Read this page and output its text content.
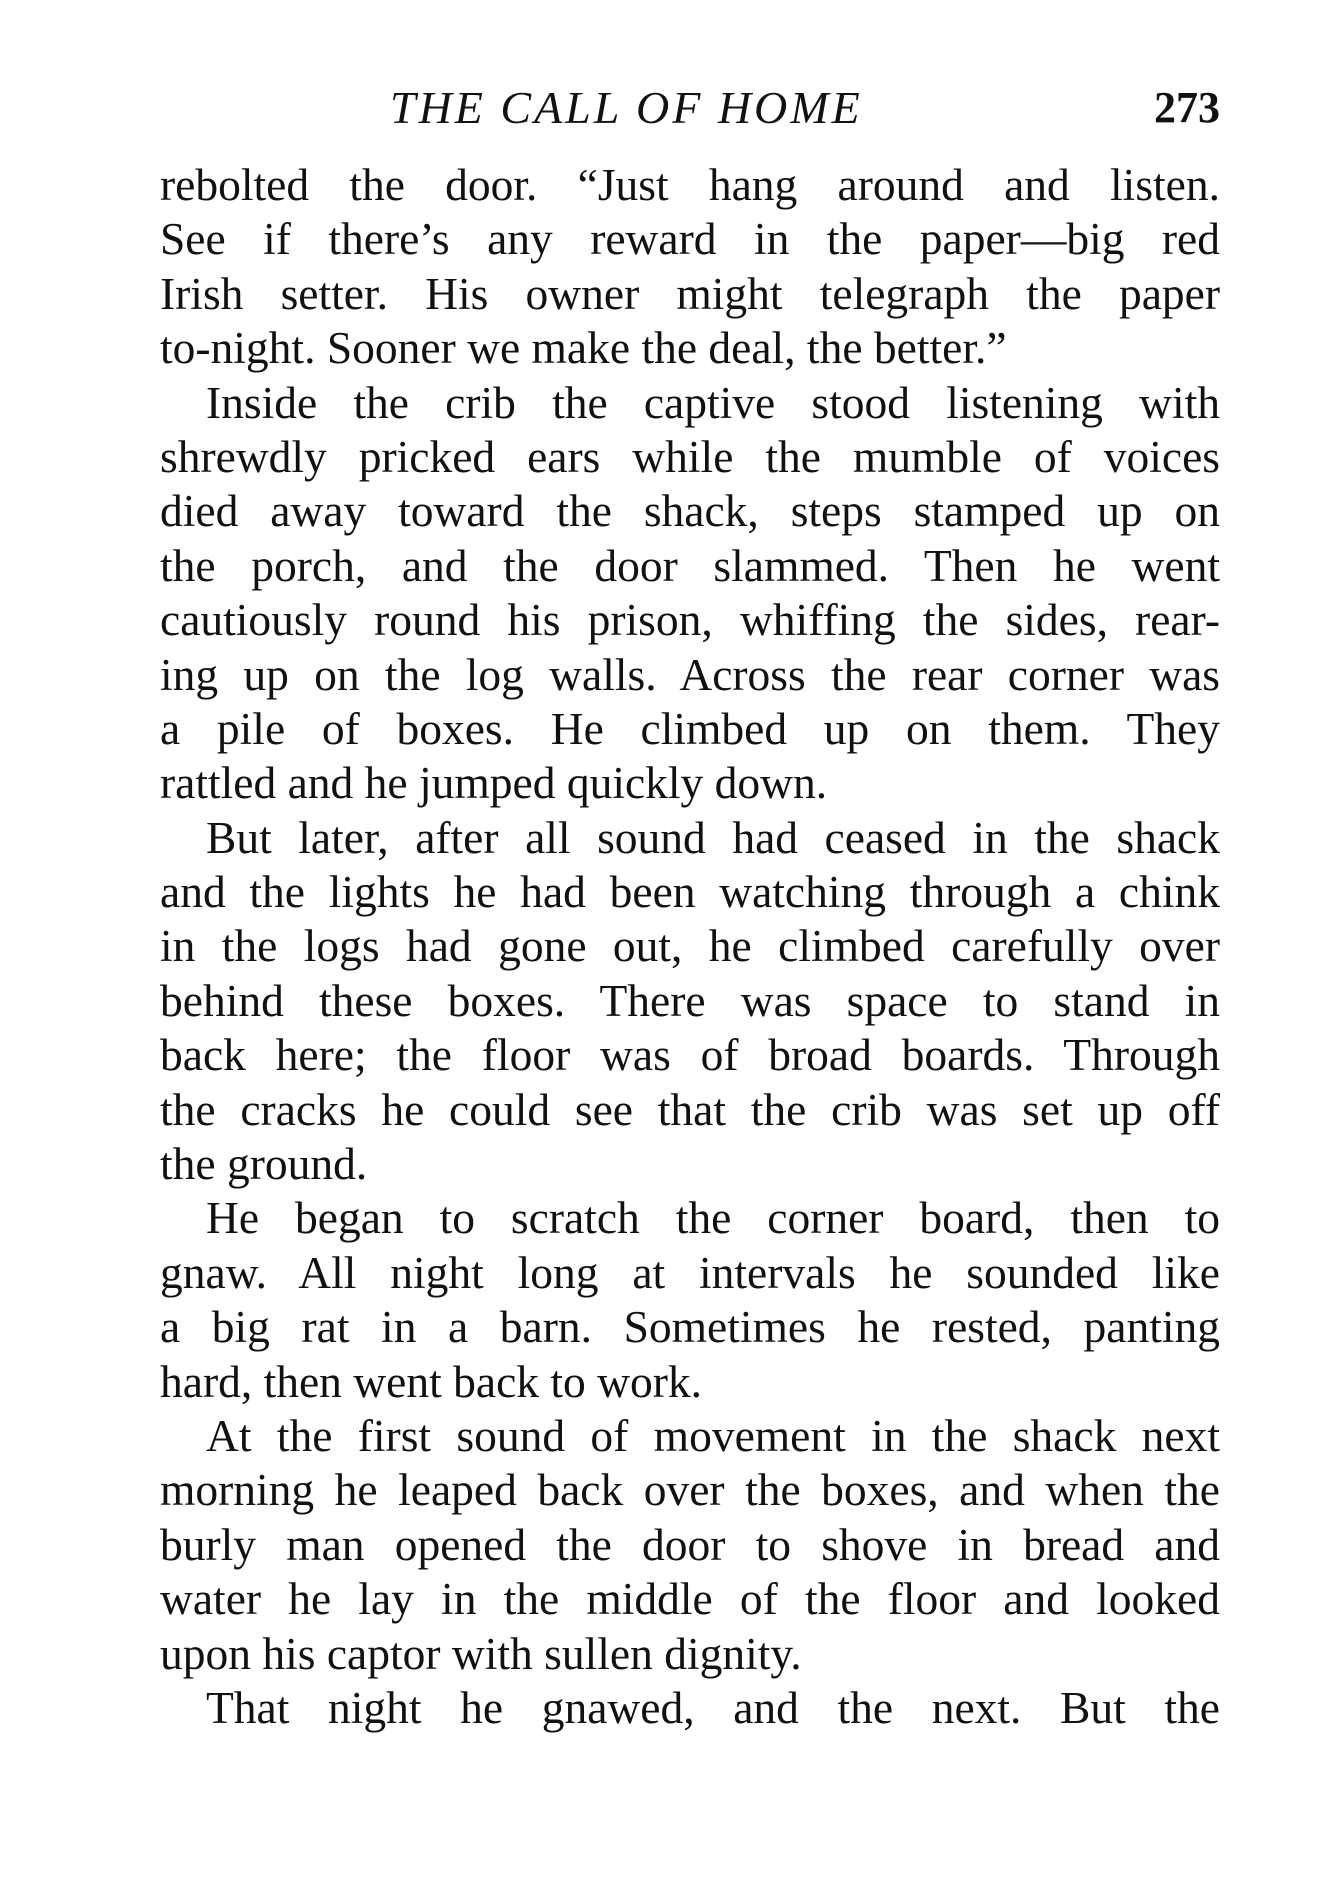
THE CALL OF HOME	273
rebolted the door. “Just hang around and listen.
See if there’s any reward in the paper—big red
Irish setter. His owner might telegraph the paper
to-night. Sooner we make the deal, the better.”
Inside the crib the captive stood listening with
shrewdly pricked ears while the mumble of voices
died away toward the shack, steps stamped up on
the porch, and the door slammed. Then he went
cautiously round his prison, whiffing the sides, rear-
ing up on the log walls. Across the rear corner was
a pile of boxes. He climbed up on them. They
rattled and he jumped quickly down.
But later, after all sound had ceased in the shack
and the lights he had been watching through a chink
in the logs had gone out, he climbed carefully over
behind these boxes. There was space to stand in
back here; the floor was of broad boards. Through
the cracks he could see that the crib was set up off
the ground.
He began to scratch the corner board, then to
gnaw. All night long at intervals he sounded like
a big rat in a barn. Sometimes he rested, panting
hard, then went back to work.
At the first sound of movement in the shack next
morning he leaped back over the boxes, and when the
burly man opened the door to shove in bread and
water he lay in the middle of the floor and looked
upon his captor with sullen dignity.
That night he gnawed, and the next. But the
